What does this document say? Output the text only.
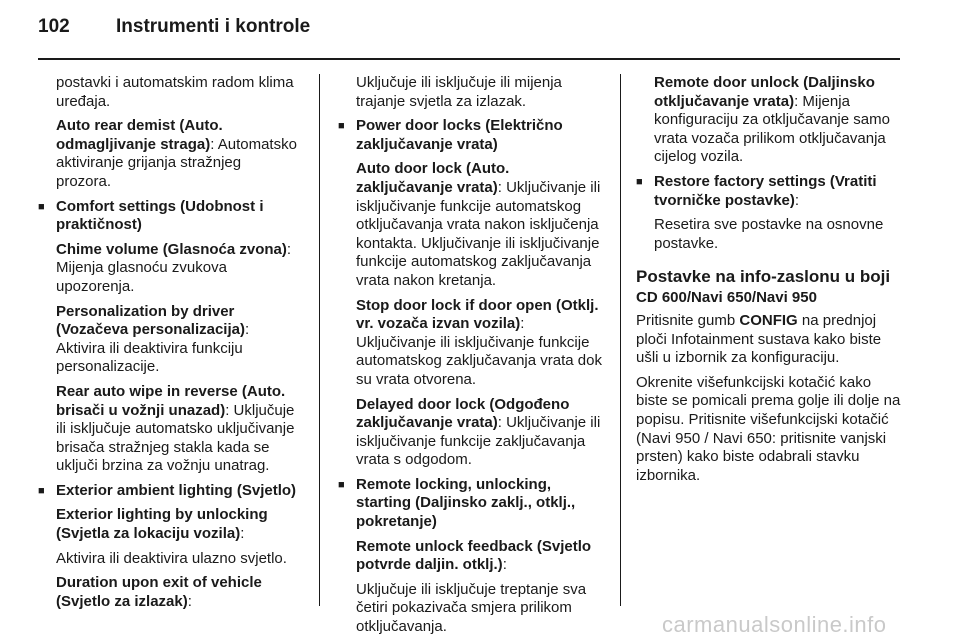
102 Instrumenti i kontrole

postavki i automatskim radom klima uređaja.

Auto rear demist (Auto. odmagljivanje straga): Automatsko aktiviranje grijanja stražnjeg prozora.

■ Comfort settings (Udobnost i praktičnost)

Chime volume (Glasnoća zvona): Mijenja glasnoću zvukova upozorenja.

Personalization by driver (Vozačeva personalizacija): Aktivira ili deaktivira funkciju personalizacije.

Rear auto wipe in reverse (Auto. brisači u vožnji unazad): Uključuje ili isključuje automatsko uključivanje brisača stražnjeg stakla kada se uključi brzina za vožnju unatrag.

■ Exterior ambient lighting (Svjetlo)

Exterior lighting by unlocking (Svjetla za lokaciju vozila):

Aktivira ili deaktivira ulazno svjetlo.

Duration upon exit of vehicle (Svjetlo za izlazak):

Uključuje ili isključuje ili mijenja trajanje svjetla za izlazak.

■ Power door locks (Električno zaključavanje vrata)

Auto door lock (Auto. zaključavanje vrata): Uključivanje ili isključivanje funkcije automatskog otključavanja vrata nakon isključenja kontakta. Uključivanje ili isključivanje funkcije automatskog zaključavanja vrata nakon kretanja.

Stop door lock if door open (Otklj. vr. vozača izvan vozila): Uključivanje ili isključivanje funkcije automatskog zaključavanja vrata dok su vrata otvorena.

Delayed door lock (Odgođeno zaključavanje vrata): Uključivanje ili isključivanje funkcije zaključavanja vrata s odgodom.

■ Remote locking, unlocking, starting (Daljinsko zaklj., otklj., pokretanje)

Remote unlock feedback (Svjetlo potvrde daljin. otklj.):

Uključuje ili isključuje treptanje sva četiri pokazivača smjera prilikom otključavanja.

Remote door unlock (Daljinsko otključavanje vrata): Mijenja konfiguraciju za otključavanje samo vrata vozača prilikom otključavanja cijelog vozila.

■ Restore factory settings (Vratiti tvorničke postavke):

Resetira sve postavke na osnovne postavke.

Postavke na info-zaslonu u boji
CD 600/Navi 650/Navi 950

Pritisnite gumb CONFIG na prednjoj ploči Infotainment sustava kako biste ušli u izbornik za konfiguraciju.

Okrenite višefunkcijski kotačić kako biste se pomicali prema golje ili dolje na popisu. Pritisnite višefunkcijski kotačić (Navi 950 / Navi 650: pritisnite vanjski prsten) kako biste odabrali stavku izbornika.

carmanualsonline.info
